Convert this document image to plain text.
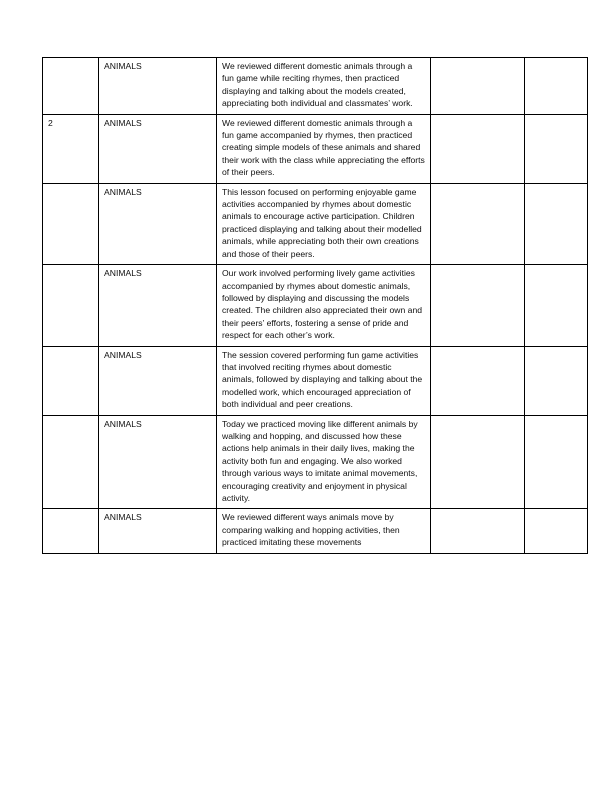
	ANIMALS	We reviewed different domestic animals through a fun game while reciting rhymes, then practiced displaying and talking about the models created, appreciating both individual and classmates’ work.		
2	ANIMALS	We reviewed different domestic animals through a fun game accompanied by rhymes, then practiced creating simple models of these animals and shared their work with the class while appreciating the efforts of their peers.		
	ANIMALS	This lesson focused on performing enjoyable game activities accompanied by rhymes about domestic animals to encourage active participation. Children practiced displaying and talking about their modelled animals, while appreciating both their own creations and those of their peers.		
	ANIMALS	Our work involved performing lively game activities accompanied by rhymes about domestic animals, followed by displaying and discussing the models created. The children also appreciated their own and their peers’ efforts, fostering a sense of pride and respect for each other’s work.		
	ANIMALS	The session covered performing fun game activities that involved reciting rhymes about domestic animals, followed by displaying and talking about the modelled work, which encouraged appreciation of both individual and peer creations.		
	ANIMALS	Today we practiced moving like different animals by walking and hopping, and discussed how these actions help animals in their daily lives, making the activity both fun and engaging. We also worked through various ways to imitate animal movements, encouraging creativity and enjoyment in physical activity.		
	ANIMALS	We reviewed different ways animals move by comparing walking and hopping activities, then practiced imitating these movements		
